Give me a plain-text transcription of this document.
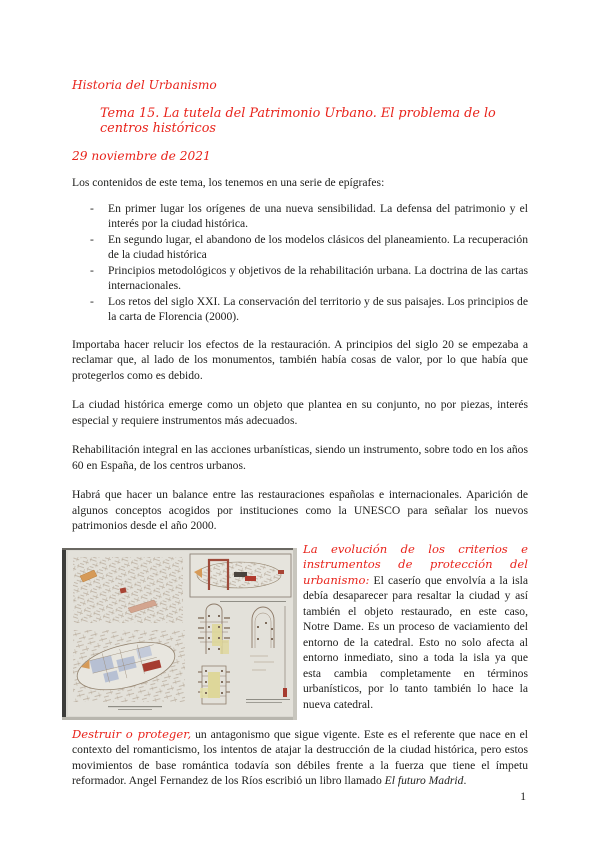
Historia del Urbanismo

Tema 15. La tutela del Patrimonio Urbano. El problema de lo centros históricos

29 noviembre de 2021

Los contenidos de este tema, los tenemos en una serie de epígrafes:

- En primer lugar los orígenes de una nueva sensibilidad. La defensa del patrimonio y el interés por la ciudad histórica.
- En segundo lugar, el abandono de los modelos clásicos del planeamiento. La recuperación de la ciudad histórica
- Principios metodológicos y objetivos de la rehabilitación urbana. La doctrina de las cartas internacionales.
- Los retos del siglo XXI. La conservación del territorio y de sus paisajes. Los principios de la carta de Florencia (2000).

Importaba hacer relucir los efectos de la restauración. A principios del siglo 20 se empezaba a reclamar que, al lado de los monumentos, también había cosas de valor, por lo que había que protegerlos como es debido.

La ciudad histórica emerge como un objeto que plantea en su conjunto, no por piezas, interés especial y requiere instrumentos más adecuados.

Rehabilitación integral en las acciones urbanísticas, siendo un instrumento, sobre todo en los años 60 en España, de los centros urbanos.

Habrá que hacer un balance entre las restauraciones españolas e internacionales. Aparición de algunos conceptos acogidos por instituciones como la UNESCO para señalar los nuevos patrimonios desde el año 2000.

La evolución de los criterios e instrumentos de protección del urbanismo: El caserío que envolvía a la isla debía desaparecer para resaltar la ciudad y así también el objeto restaurado, en este caso, Notre Dame. Es un proceso de vaciamiento del entorno de la catedral. Esto no solo afecta al entorno inmediato, sino a toda la isla ya que esta cambia completamente en términos urbanísticos, por lo tanto también lo hace la nueva catedral.

Destruir o proteger, un antagonismo que sigue vigente. Este es el referente que nace en el contexto del romanticismo, los intentos de atajar la destrucción de la ciudad histórica, pero estos movimientos de base romántica todavía son débiles frente a la fuerza que tiene el ímpetu reformador. Angel Fernandez de los Ríos escribió un libro llamado El futuro Madrid.

1
